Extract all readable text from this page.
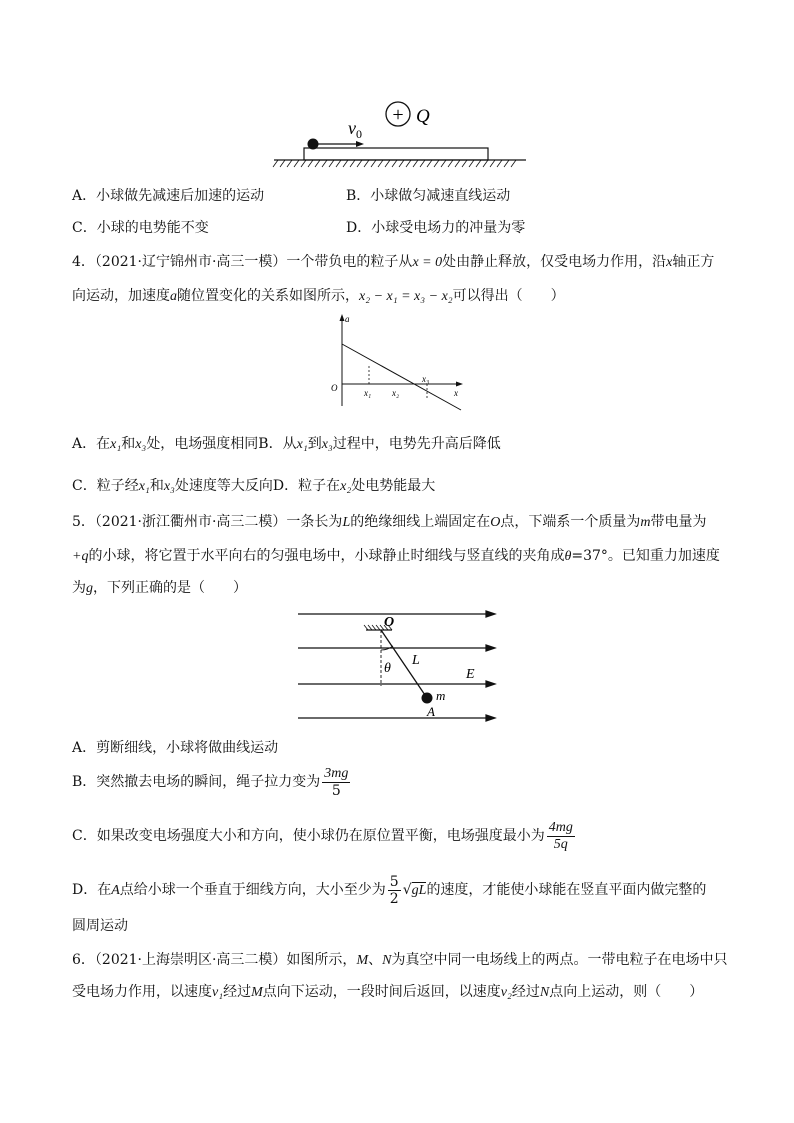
+ Q
$v_0$
A．小球做先减速后加速的运动	B．小球做匀减速直线运动
C．小球的电势能不变	D．小球受电场力的冲量为零
4．（2021·辽宁锦州市·高三一模）一个带负电的粒子从x = 0处由静止释放，仅受电场力作用，沿x轴正方
向运动，加速度a随位置变化的关系如图所示，x₂ − x₁ = x₃ − x₂可以得出（　　）
a
x
O	x₁ x₂
x₃
A．在x₁和x₃处，电场强度相同B．从x₁到x₃过程中，电势先升高后降低
C．粒子经x₁和x₃处速度等大反向D．粒子在x₂处电势能最大
5．（2021·浙江衢州市·高三二模）一条长为L的绝缘细线上端固定在O点，下端系一个质量为m带电量为
+q的小球，将它置于水平向右的匀强电场中，小球静止时细线与竖直线的夹角成θ=37°。已知重力加速度
为g，下列正确的是（　　）
O
θ
L
E
m
A
A．剪断细线，小球将做曲线运动
B．突然撤去电场的瞬间，绳子拉力变为 $\frac{3mg}{5}$
C．如果改变电场强度大小和方向，使小球仍在原位置平衡，电场强度最小为 $\frac{4mg}{5q}$
D．在A点给小球一个垂直于细线方向，大小至少为 $\frac{5}{2} √gL$的速度，才能使小球能在竖直平面内做完整的
圆周运动
6．（2021·上海崇明区·高三二模）如图所示，M、N为真空中同一电场线上的两点。一带电粒子在电场中只
受电场力作用，以速度v₁经过M点向下运动，一段时间后返回，以速度v₂经过N点向上运动，则（　　）
